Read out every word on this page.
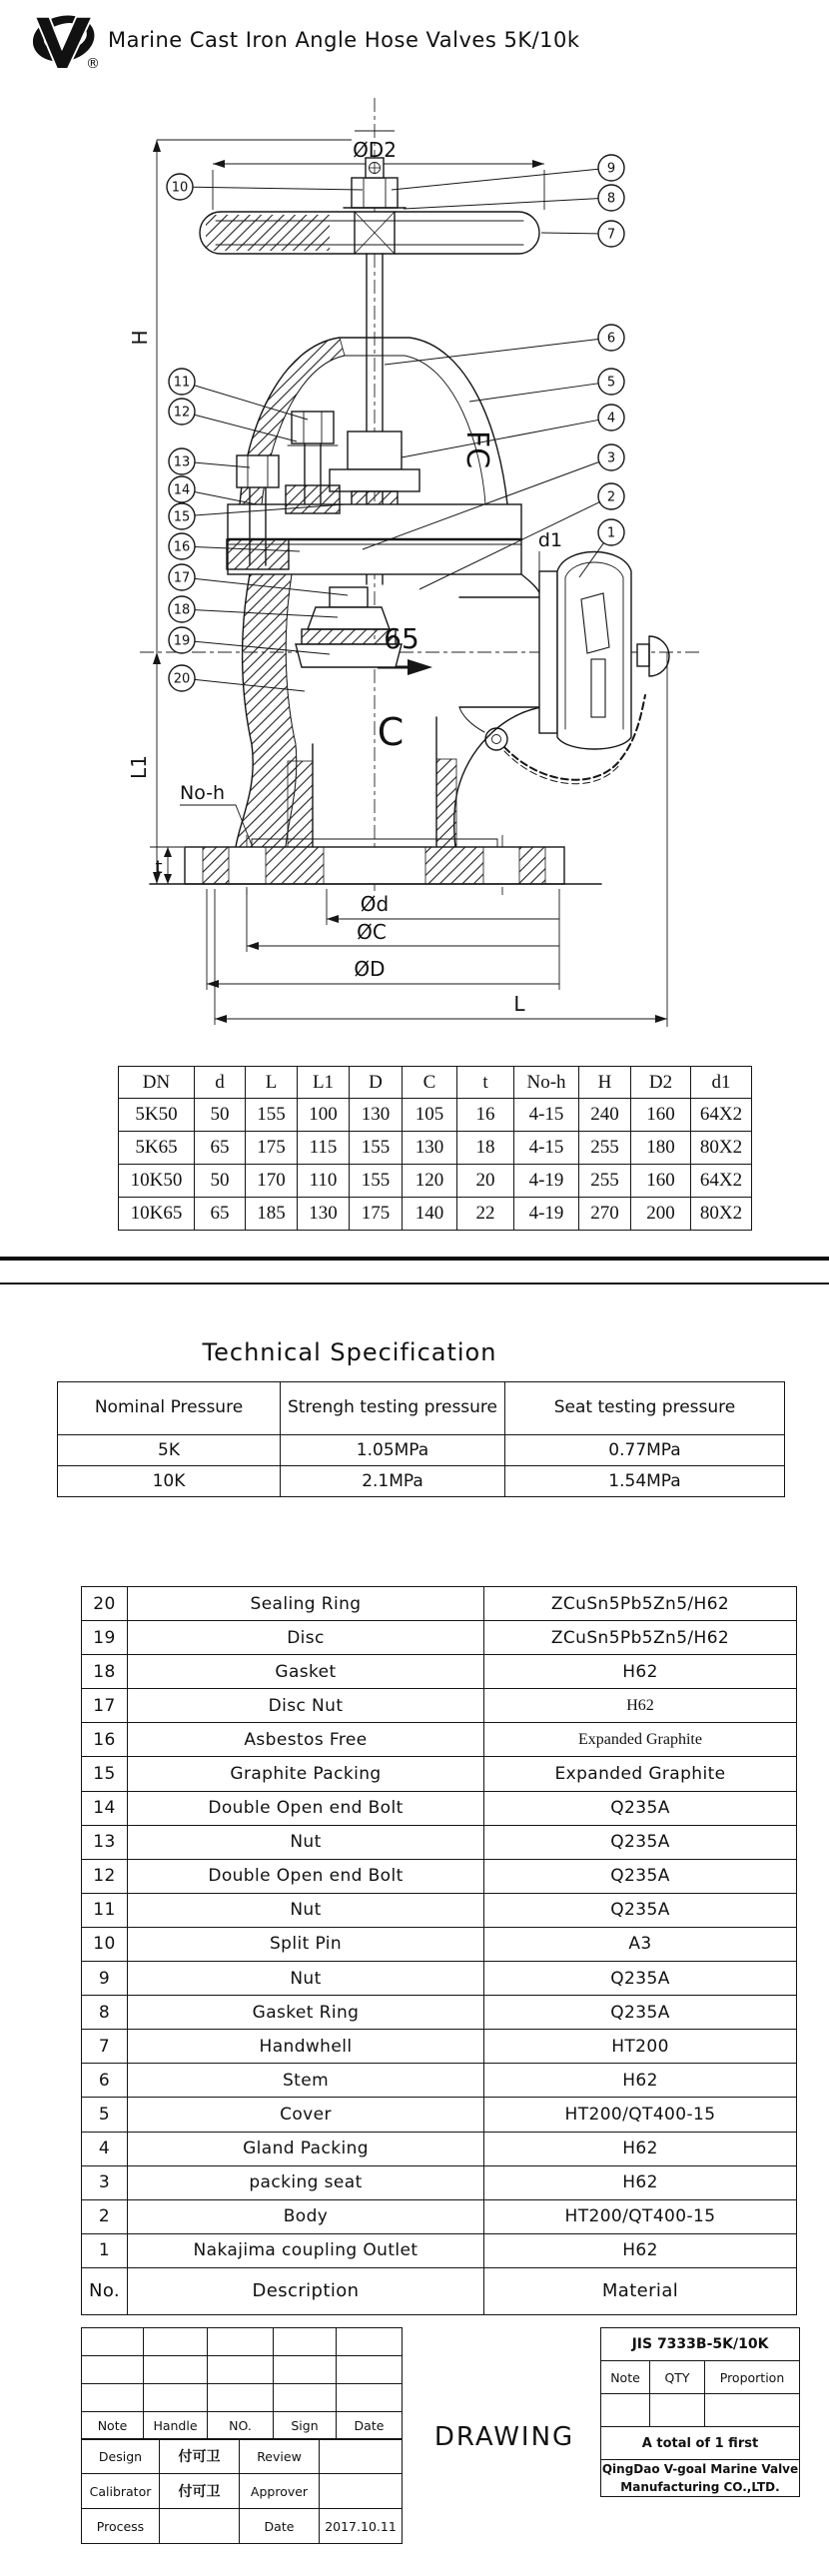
®
Marine Cast Iron Angle Hose Valves 5K/10k
ØD2
H
L1
No-h
t
Ød
ØC
ØD
L
d1
65
C
FC
10
11
12
13
14
15
16
17
18
19
20
9
8
7
6
5
4
3
2
1
DN	d	L	L1	D	C	t	No-h	H	D2	d1
5K50	50	155	100	130	105	16	4-15	240	160	64X2
5K65	65	175	115	155	130	18	4-15	255	180	80X2
10K50	50	170	110	155	120	20	4-19	255	160	64X2
10K65	65	185	130	175	140	22	4-19	270	200	80X2
Technical Specification
Nominal Pressure	Strengh testing pressure	Seat testing pressure
5K	1.05MPa	0.77MPa
10K	2.1MPa	1.54MPa
20	Sealing Ring	ZCuSn5Pb5Zn5/H62
19	Disc	ZCuSn5Pb5Zn5/H62
18	Gasket	H62
17	Disc Nut	H62
16	Asbestos Free	Expanded Graphite
15	Graphite Packing	Expanded Graphite
14	Double Open end Bolt	Q235A
13	Nut	Q235A
12	Double Open end Bolt	Q235A
11	Nut	Q235A
10	Split Pin	A3
9	Nut	Q235A
8	Gasket Ring	Q235A
7	Handwhell	HT200
6	Stem	H62
5	Cover	HT200/QT400-15
4	Gland Packing	H62
3	packing seat	H62
2	Body	HT200/QT400-15
1	Nakajima coupling Outlet	H62
No.	Description	Material

Note	Handle	NO.	Sign	Date
Design	付可卫	Review	
Calibrator	付可卫	Approver	
Process		Date	2017.10.11
DRAWING
JIS 7333B-5K/10K		
Note	QTY	Proportion

A total of 1 first		
QingDao V-goal Marine Valve Manufacturing CO.,LTD.		
